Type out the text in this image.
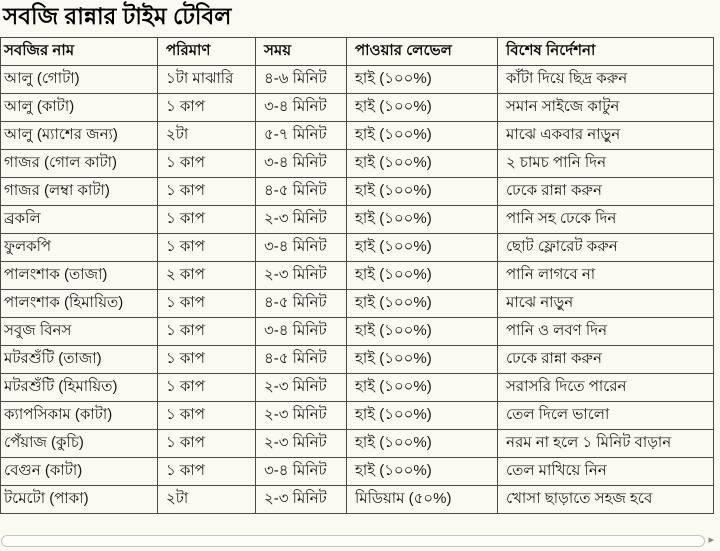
সবজি রান্নার টাইম টেবিল
সবজির নাম	পরিমাণ	সময়	পাওয়ার লেভেল	বিশেষ নির্দেশনা
আলু (গোটা)	১টা মাঝারি	৪-৬ মিনিট	হাই (১০০%)	কাঁটা দিয়ে ছিদ্র করুন
আলু (কাটা)	১ কাপ	৩-৪ মিনিট	হাই (১০০%)	সমান সাইজে কাটুন
আলু (ম্যাশের জন্য)	২টা	৫-৭ মিনিট	হাই (১০০%)	মাঝে একবার নাড়ুন
গাজর (গোল কাটা)	১ কাপ	৩-৪ মিনিট	হাই (১০০%)	২ চামচ পানি দিন
গাজর (লম্বা কাটা)	১ কাপ	৪-৫ মিনিট	হাই (১০০%)	ঢেকে রান্না করুন
ব্রকলি	১ কাপ	২-৩ মিনিট	হাই (১০০%)	পানি সহ ঢেকে দিন
ফুলকপি	১ কাপ	৩-৪ মিনিট	হাই (১০০%)	ছোট ফ্লোরেট করুন
পালংশাক (তাজা)	২ কাপ	২-৩ মিনিট	হাই (১০০%)	পানি লাগবে না
পালংশাক (হিমায়িত)	১ কাপ	৪-৫ মিনিট	হাই (১০০%)	মাঝে নাড়ুন
সবুজ বিনস	১ কাপ	৩-৪ মিনিট	হাই (১০০%)	পানি ও লবণ দিন
মটরশুঁটি (তাজা)	১ কাপ	৪-৫ মিনিট	হাই (১০০%)	ঢেকে রান্না করুন
মটরশুঁটি (হিমায়িত)	১ কাপ	২-৩ মিনিট	হাই (১০০%)	সরাসরি দিতে পারেন
ক্যাপসিকাম (কাটা)	১ কাপ	২-৩ মিনিট	হাই (১০০%)	তেল দিলে ভালো
পেঁয়াজ (কুচি)	১ কাপ	২-৩ মিনিট	হাই (১০০%)	নরম না হলে ১ মিনিট বাড়ান
বেগুন (কাটা)	১ কাপ	৩-৪ মিনিট	হাই (১০০%)	তেল মাখিয়ে নিন
টমেটো (পাকা)	২টা	২-৩ মিনিট	মিডিয়াম (৫০%)	খোসা ছাড়াতে সহজ হবে
▸
